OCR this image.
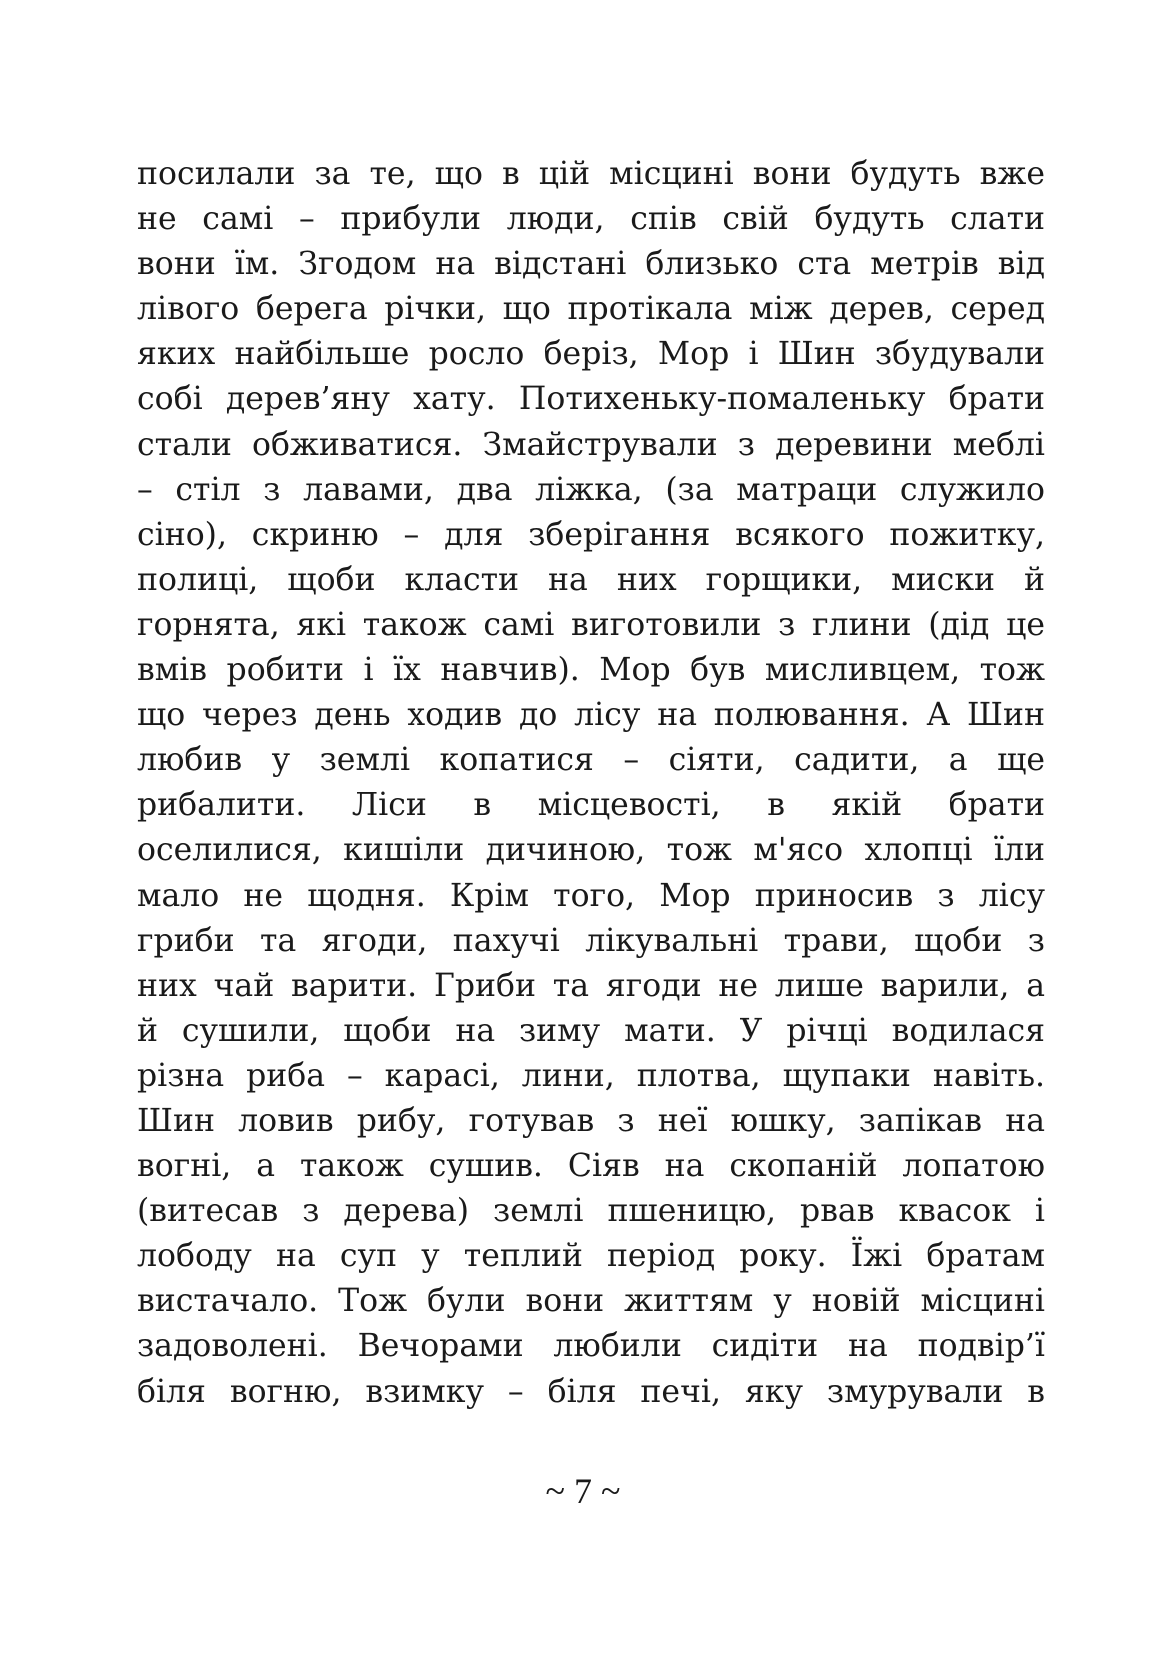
посилали за те, що в цій місцині вони будуть вже
не самі – прибули люди, спів свій будуть слати
вони їм. Згодом на відстані близько ста метрів від
лівого берега річки, що протікала між дерев, серед
яких найбільше росло беріз, Мор і Шин збудували
собі дерев’яну хату. Потихеньку-помаленьку брати
стали обживатися. Змайстрували з деревини меблі
– стіл з лавами, два ліжка, (за матраци служило
сіно), скриню – для зберігання всякого пожитку,
полиці, щоби класти на них горщики, миски й
горнята, які також самі виготовили з глини (дід це
вмів робити і їх навчив). Мор був мисливцем, тож
що через день ходив до лісу на полювання. А Шин
любив у землі копатися – сіяти, садити, а ще
рибалити. Ліси в місцевості, в якій брати
оселилися, кишіли дичиною, тож м'ясо хлопці їли
мало не щодня. Крім того, Мор приносив з лісу
гриби та ягоди, пахучі лікувальні трави, щоби з
них чай варити. Гриби та ягоди не лише варили, а
й сушили, щоби на зиму мати. У річці водилася
різна риба – карасі, лини, плотва, щупаки навіть.
Шин ловив рибу, готував з неї юшку, запікав на
вогні, а також сушив. Сіяв на скопаній лопатою
(витесав з дерева) землі пшеницю, рвав квасок і
лободу на суп у теплий період року. Їжі братам
вистачало. Тож були вони життям у новій місцині
задоволені. Вечорами любили сидіти на подвір’ї
біля вогню, взимку – біля печі, яку змурували в
~ 7 ~
